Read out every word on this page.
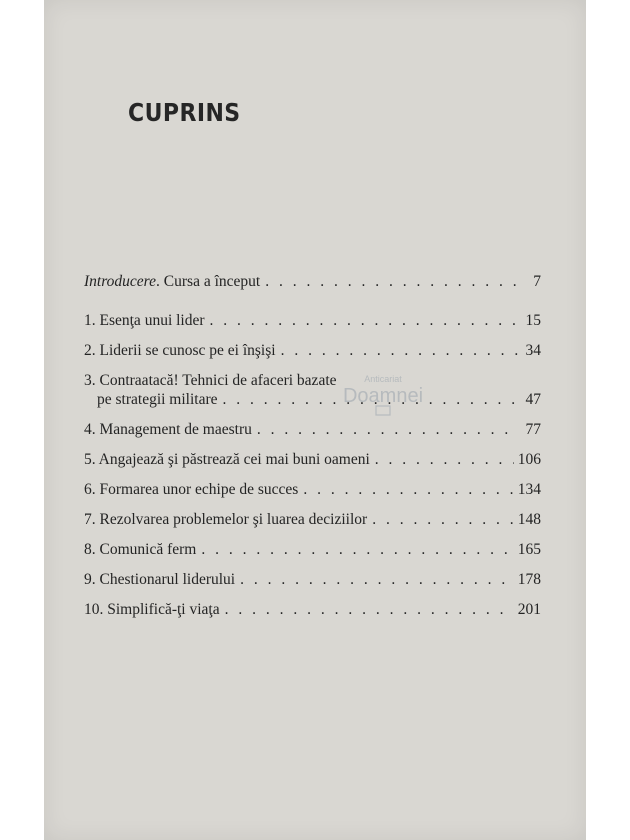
CUPRINS
Introducere. Cursa a început . . .	7
1. Esenţa unui lider . . .	15
2. Liderii se cunosc pe ei înşişi . . .	34
3. Contraatacă! Tehnici de afaceri bazate
pe strategii militare . . .	47
4. Management de maestru . . .	77
5. Angajează şi păstrează cei mai buni oameni . . .	106
6. Formarea unor echipe de succes . . .	134
7. Rezolvarea problemelor şi luarea deciziilor . . .	148
8. Comunică ferm . . .	165
9. Chestionarul liderului . . .	178
10. Simplifică-ţi viaţa . . .	201
Anticariat
Doamnei
